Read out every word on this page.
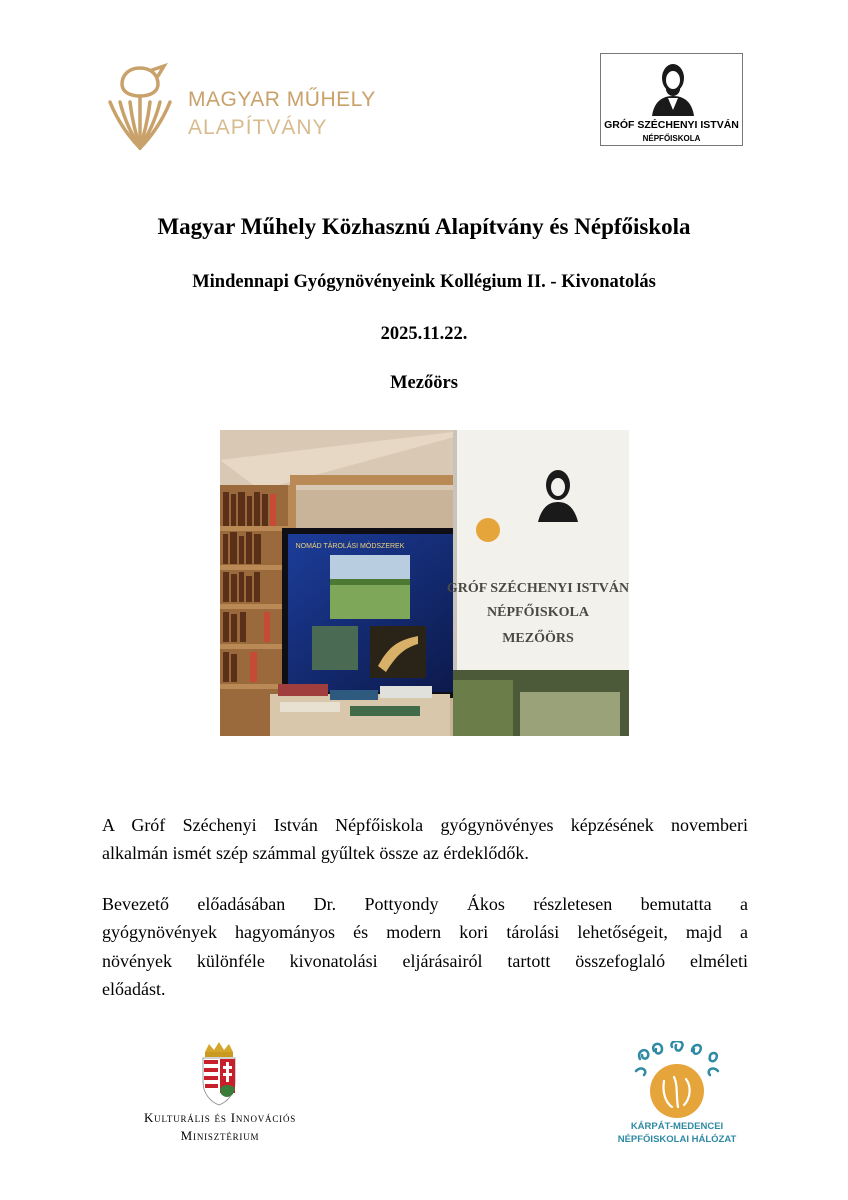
MAGYAR MŰHELY
ALAPÍTVÁNY	GRÓF SZÉCHENYI ISTVÁN
NÉPFŐISKOLA
Magyar Műhely Közhasznú Alapítvány és Népfőiskola
Mindennapi Gyógynövényeink Kollégium II. - Kivonatolás
2025.11.22.
Mezőörs
GRÓF SZÉCHENYI ISTVÁN
NÉPFŐISKOLA
MEZŐÖRS
NOMÁD TÁROLÁSI MÓDSZEREK
A Gróf Széchenyi István Népfőiskola gyógynövényes képzésének novemberi
alkalmán ismét szép számmal gyűltek össze az érdeklődők.
Bevezető előadásában Dr. Pottyondy Ákos részletesen bemutatta a
gyógynövények hagyományos és modern kori tárolási lehetőségeit, majd a
növények különféle kivonatolási eljárásairól tartott összefoglaló elméleti
előadást.
Kulturális és Innovációs
Minisztérium
KÁRPÁT-MEDENCEI
NÉPFŐISKOLAI HÁLÓZAT
